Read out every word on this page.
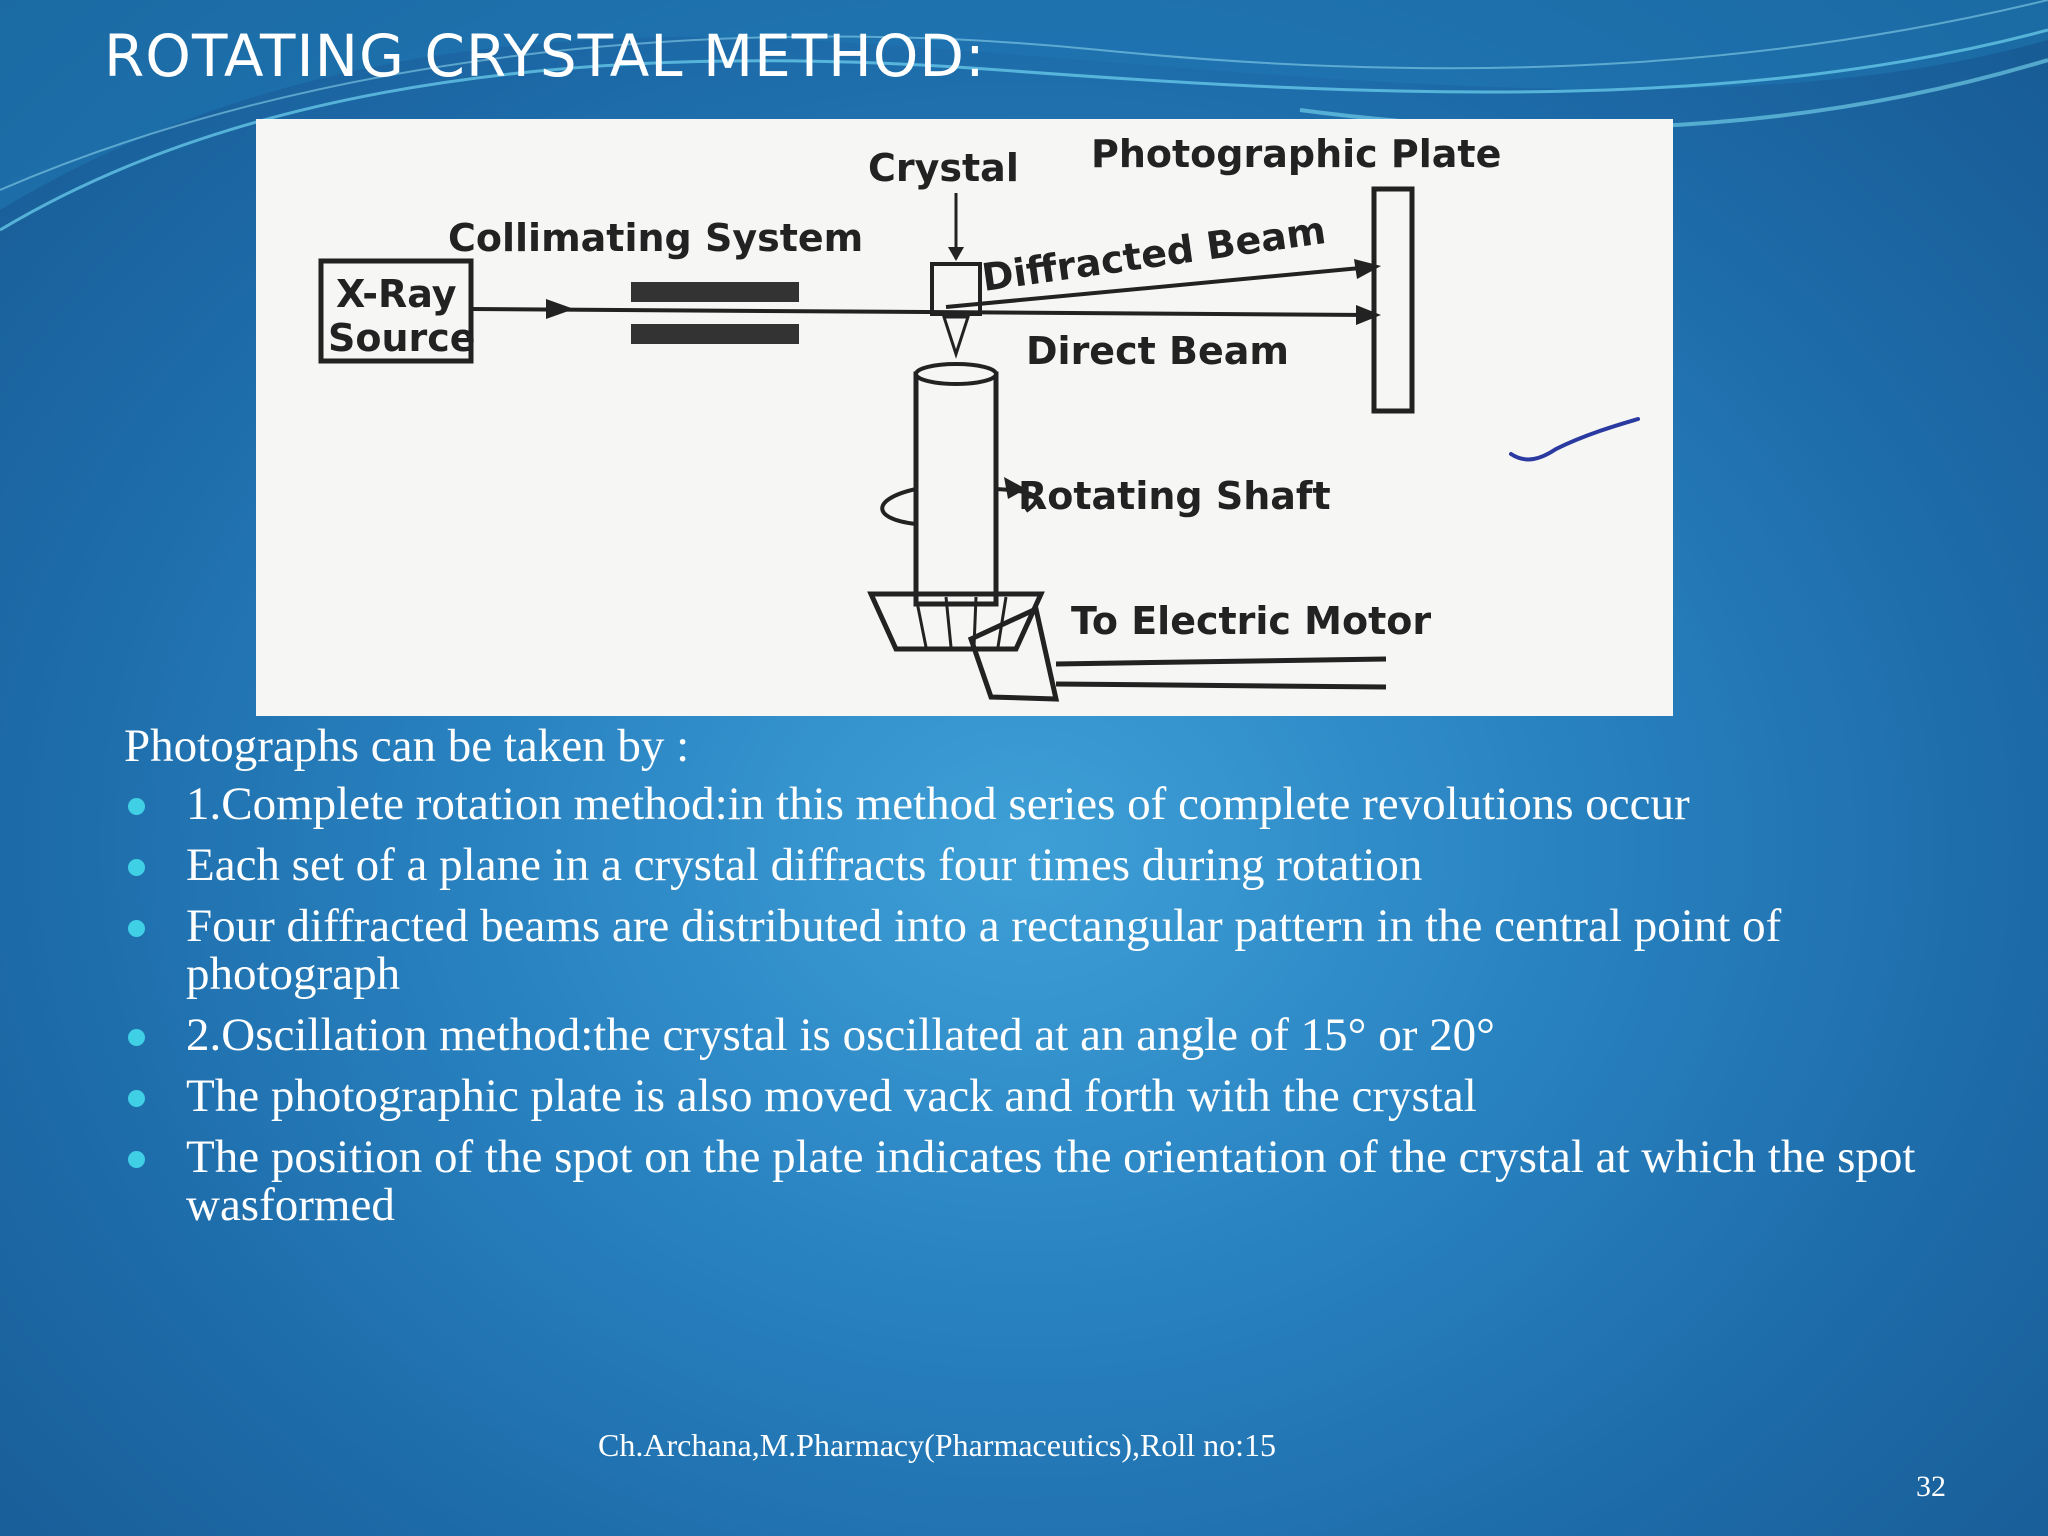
ROTATING CRYSTAL METHOD:
X-Ray
Source
Collimating System
Photographic Plate
Crystal
Diffracted Beam
Direct Beam
Rotating Shaft
To Electric Motor
Photographs can be taken by :
1.Complete rotation method:in this method series of complete revolutions occur
Each set of a plane in a crystal diffracts four times during rotation
Four diffracted beams are distributed into a rectangular pattern in the central point of photograph
2.Oscillation method:the crystal is oscillated at an angle of 15° or 20°
The photographic plate is also moved vack and forth with the crystal
The position of the spot on the plate indicates the orientation of the crystal at which the spot wasformed
Ch.Archana,M.Pharmacy(Pharmaceutics),Roll no:15
32
